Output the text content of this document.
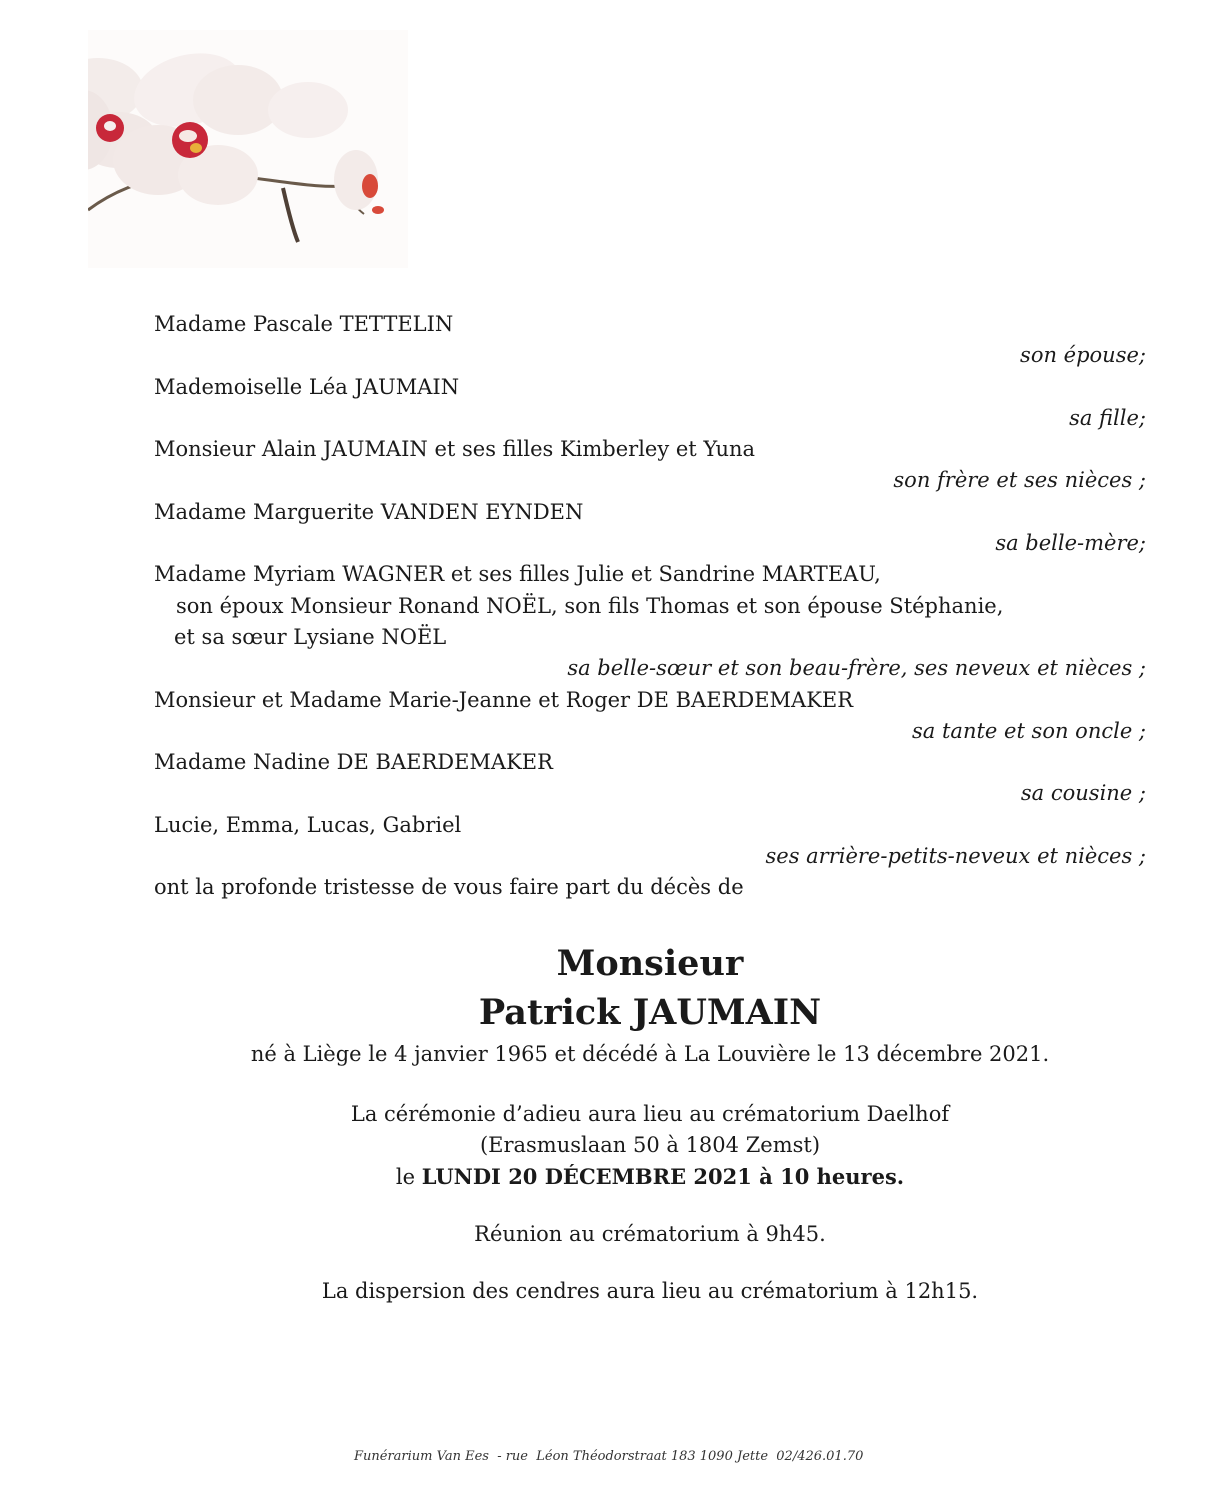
Madame Pascale TETTELIN
son épouse;
Mademoiselle Léa JAUMAIN
sa fille;
Monsieur Alain JAUMAIN et ses filles Kimberley et Yuna
son frère et ses nièces ;
Madame Marguerite VANDEN EYNDEN
sa belle-mère;
Madame Myriam WAGNER et ses filles Julie et Sandrine MARTEAU,
son époux Monsieur Ronand NOËL, son fils Thomas et son épouse Stéphanie,
et sa sœur Lysiane NOËL
sa belle-sœur et son beau-frère, ses neveux et nièces ;
Monsieur et Madame Marie-Jeanne et Roger DE BAERDEMAKER
sa tante et son oncle ;
Madame Nadine DE BAERDEMAKER
sa cousine ;
Lucie, Emma, Lucas, Gabriel
ses arrière-petits-neveux et nièces ;
ont la profonde tristesse de vous faire part du décès de
Monsieur
Patrick JAUMAIN
né à Liège le 4 janvier 1965 et décédé à La Louvière le 13 décembre 2021.
La cérémonie d’adieu aura lieu au crématorium Daelhof
(Erasmuslaan 50 à 1804 Zemst)
le LUNDI 20 DÉCEMBRE 2021 à 10 heures.
Réunion au crématorium à 9h45.
La dispersion des cendres aura lieu au crématorium à 12h15.
Funérarium Van Ees  - rue  Léon Théodorstraat 183 1090 Jette  02/426.01.70
